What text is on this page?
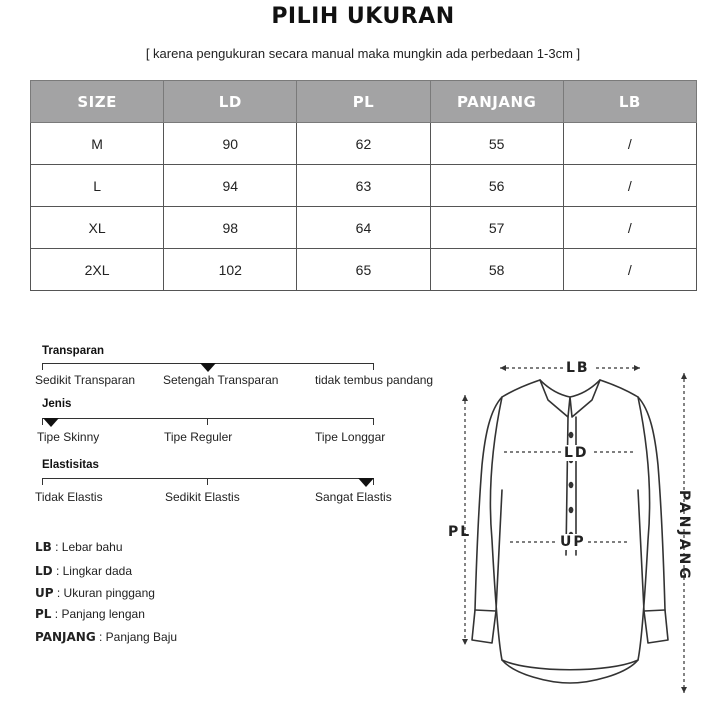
PILIH UKURAN
[ karena pengukuran secara manual maka mungkin ada perbedaan 1-3cm ]
SIZE	LD	PL	PANJANG	LB
M	90	62	55	/
L	94	63	56	/
XL	98	64	57	/
2XL	102	65	58	/
Transparan
Sedikit Transparan Setengah Transparan	tidak tembus pandang
Jenis
Tipe Skinny	Tipe Reguler	Tipe Longgar
Elastisitas
Tidak Elastis	Sedikit Elastis	Sangat Elastis
LB : Lebar bahu
LD : Lingkar dada
UP : Ukuran pinggang
PL : Panjang lengan
PANJANG : Panjang Baju
LB
LD
UP
PL	PANJANG
